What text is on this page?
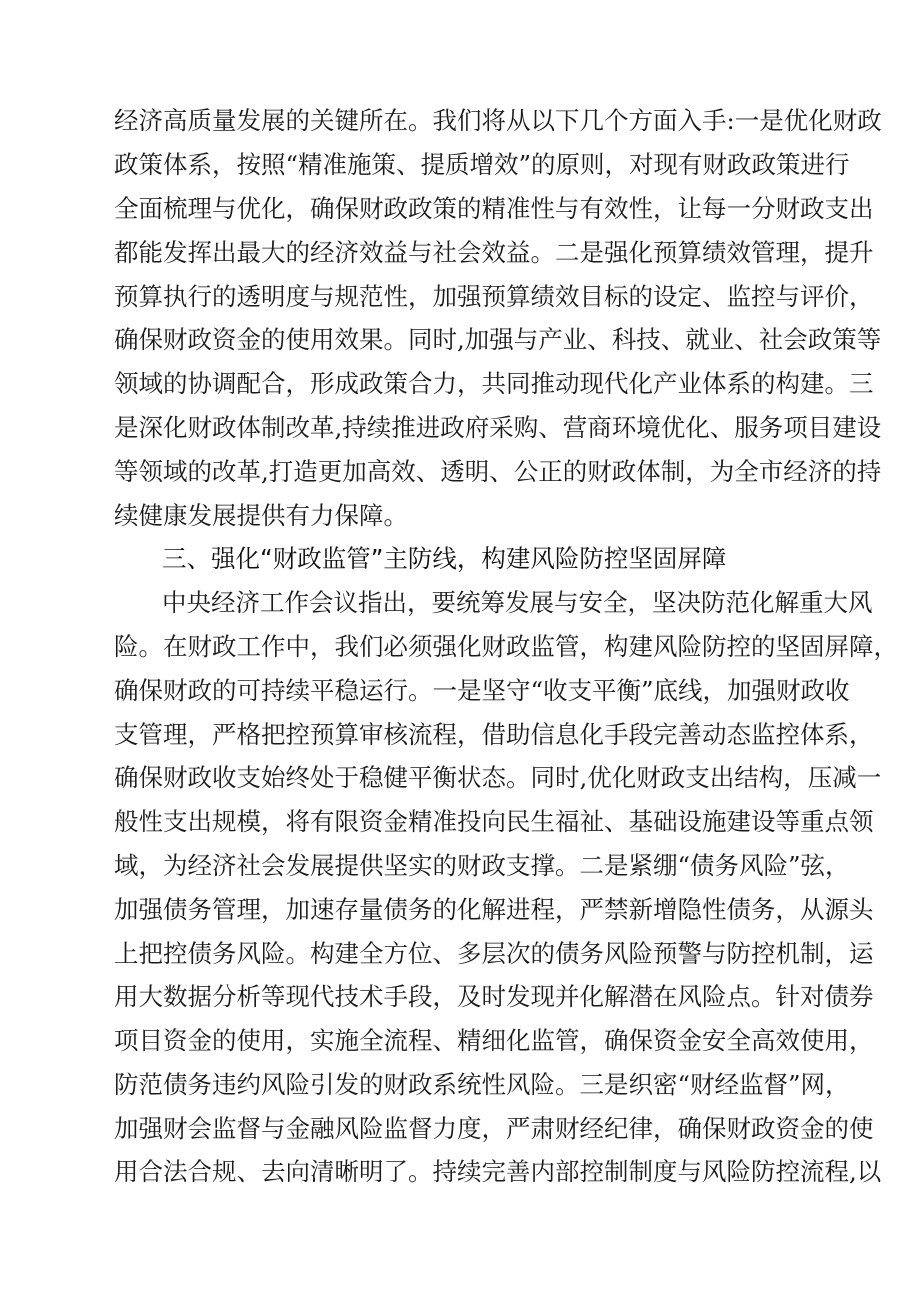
经济高质量发展的关键所在。我们将从以下几个方面入手:一是优化财政
政策体系，按照“精准施策、提质增效”的原则，对现有财政政策进行
全面梳理与优化，确保财政政策的精准性与有效性，让每一分财政支出
都能发挥出最大的经济效益与社会效益。二是强化预算绩效管理，提升
预算执行的透明度与规范性，加强预算绩效目标的设定、监控与评价，
确保财政资金的使用效果。同时,加强与产业、科技、就业、社会政策等
领域的协调配合，形成政策合力，共同推动现代化产业体系的构建。三
是深化财政体制改革,持续推进政府采购、营商环境优化、服务项目建设
等领域的改革,打造更加高效、透明、公正的财政体制，为全市经济的持
续健康发展提供有力保障。
三、强化“财政监管”主防线，构建风险防控坚固屏障
中央经济工作会议指出，要统筹发展与安全，坚决防范化解重大风
险。在财政工作中，我们必须强化财政监管，构建风险防控的坚固屏障，
确保财政的可持续平稳运行。一是坚守“收支平衡”底线，加强财政收
支管理，严格把控预算审核流程，借助信息化手段完善动态监控体系，
确保财政收支始终处于稳健平衡状态。同时,优化财政支出结构，压减一
般性支出规模，将有限资金精准投向民生福祉、基础设施建设等重点领
域，为经济社会发展提供坚实的财政支撑。二是紧绷“债务风险”弦，
加强债务管理，加速存量债务的化解进程，严禁新增隐性债务，从源头
上把控债务风险。构建全方位、多层次的债务风险预警与防控机制，运
用大数据分析等现代技术手段，及时发现并化解潜在风险点。针对债券
项目资金的使用，实施全流程、精细化监管，确保资金安全高效使用，
防范债务违约风险引发的财政系统性风险。三是织密“财经监督”网，
加强财会监督与金融风险监督力度，严肃财经纪律，确保财政资金的使
用合法合规、去向清晰明了。持续完善内部控制制度与风险防控流程,以
